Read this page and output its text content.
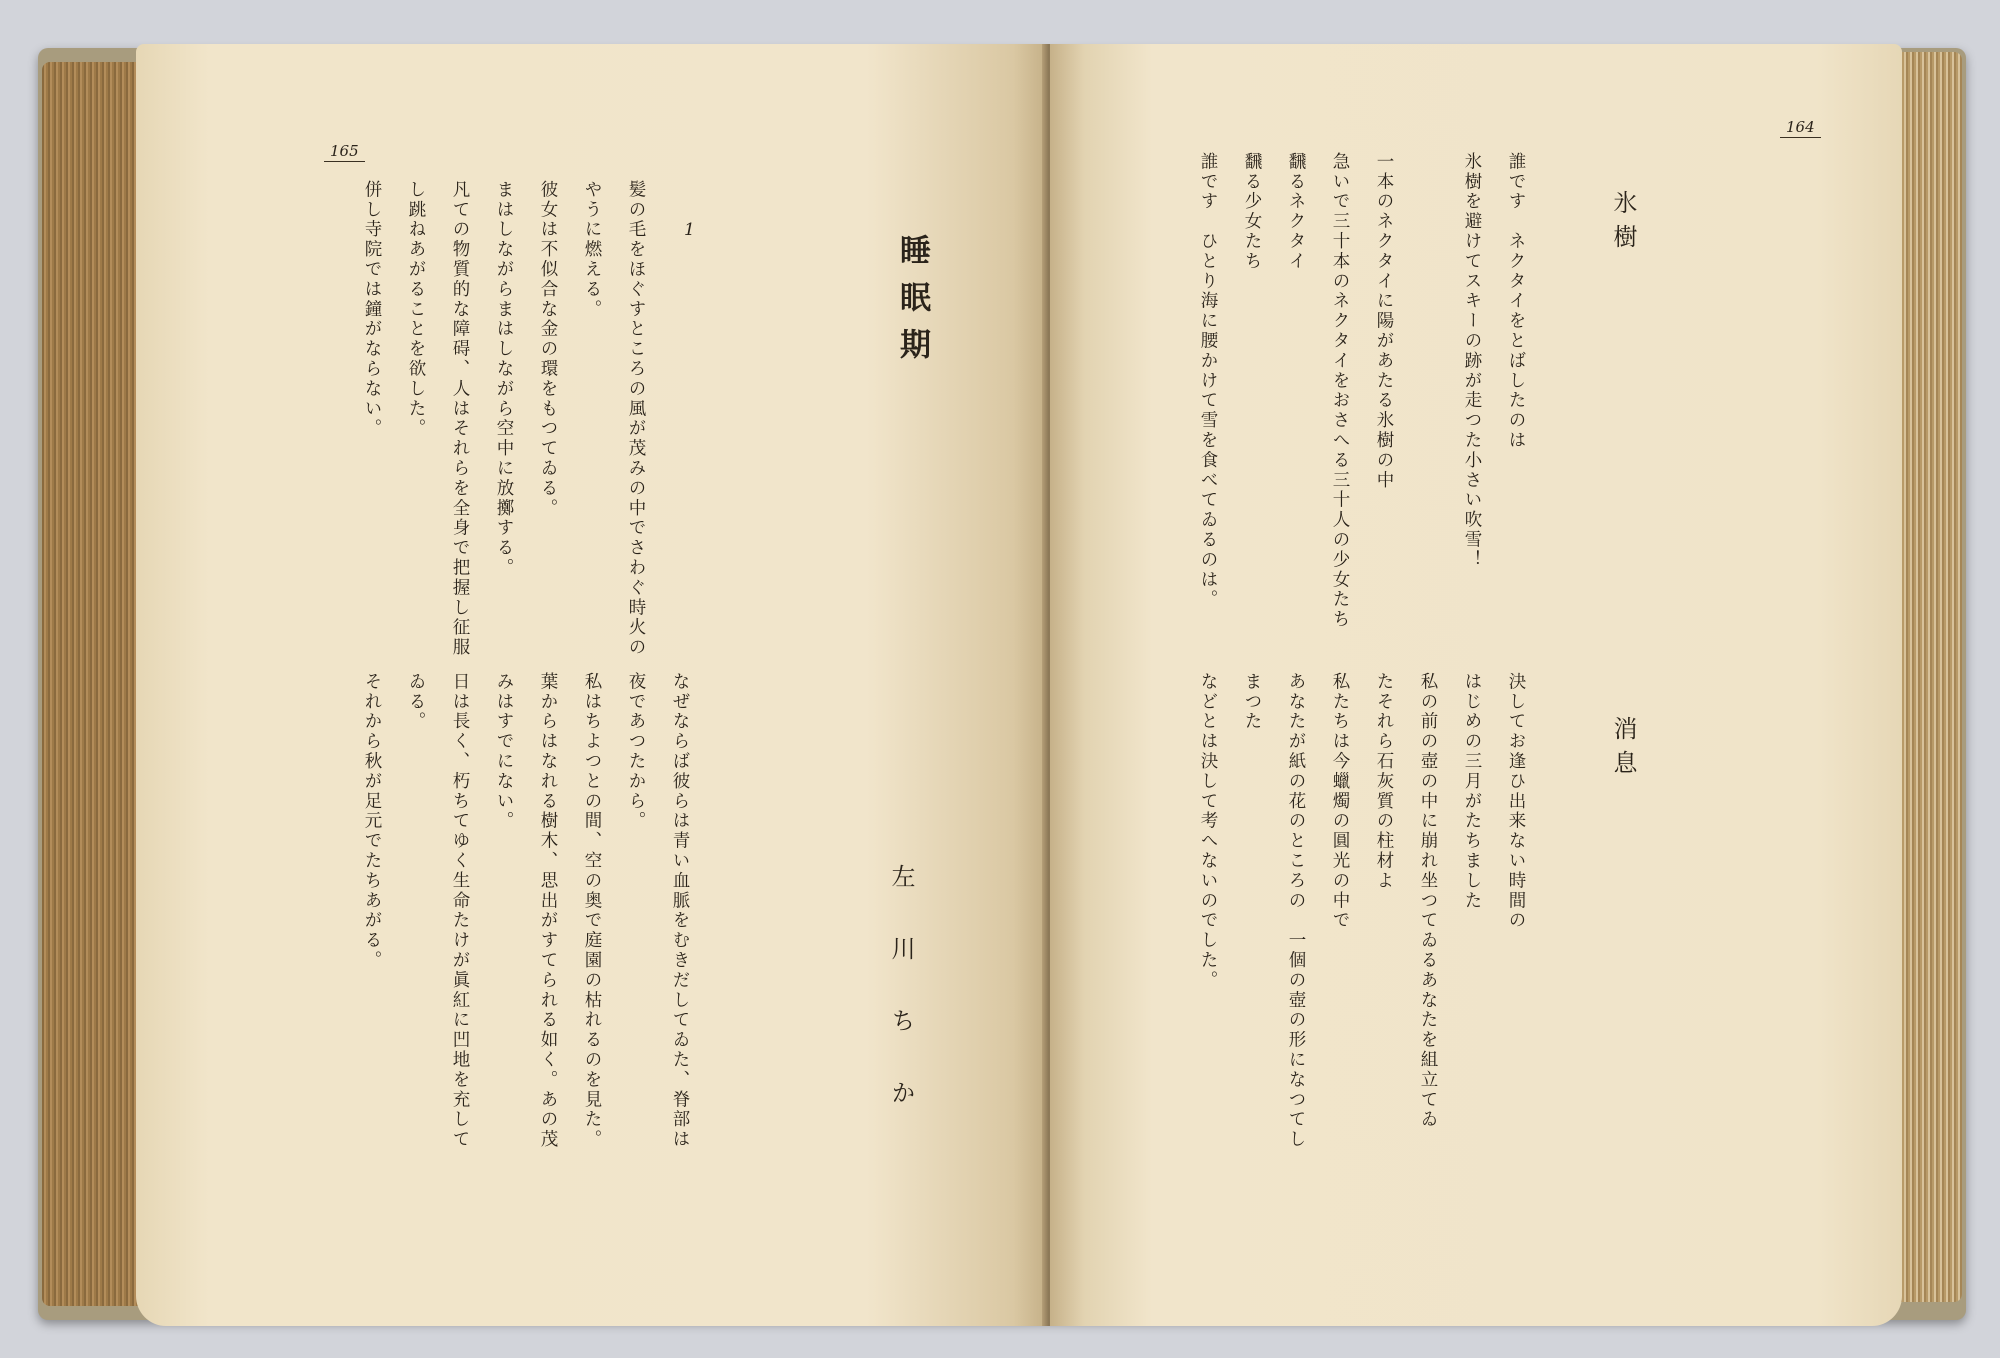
165
睡眠期
左川ちか
1
髪の毛をほぐすところの風が茂みの中でさわぐ時火の
やうに燃える。
彼女は不似合な金の環をもつてゐる。
まはしながらまはしながら空中に放擲する。
凡ての物質的な障碍、人はそれらを全身で把握し征服
し跳ねあがることを欲した。
併し寺院では鐘がならない。
なぜならば彼らは青い血脈をむきだしてゐた、脊部は
夜であつたから。
私はちよつとの間、空の奥で庭園の枯れるのを見た。
葉からはなれる樹木、思出がすてられる如く。あの茂
みはすでにない。
日は長く、朽ちてゆく生命たけが眞紅に凹地を充して
ゐる。
それから秋が足元でたちあがる。
164
氷樹
誰です　ネクタイをとばしたのは
氷樹を避けてスキーの跡が走つた小さい吹雪！
一本のネクタイに陽があたる氷樹の中
急いで三十本のネクタイをおさへる三十人の少女たち
飜るネクタイ
飜る少女たち
誰です　ひとり海に腰かけて雪を食べてゐるのは。
消息
決してお逢ひ出来ない時間の
はじめの三月がたちました
私の前の壺の中に崩れ坐つてゐるあなたを組立てゐ
たそれら石灰質の柱材よ
私たちは今蠟燭の圓光の中で
あなたが紙の花のところの　一個の壺の形になつてし
まつた
などとは決して考へないのでした。
